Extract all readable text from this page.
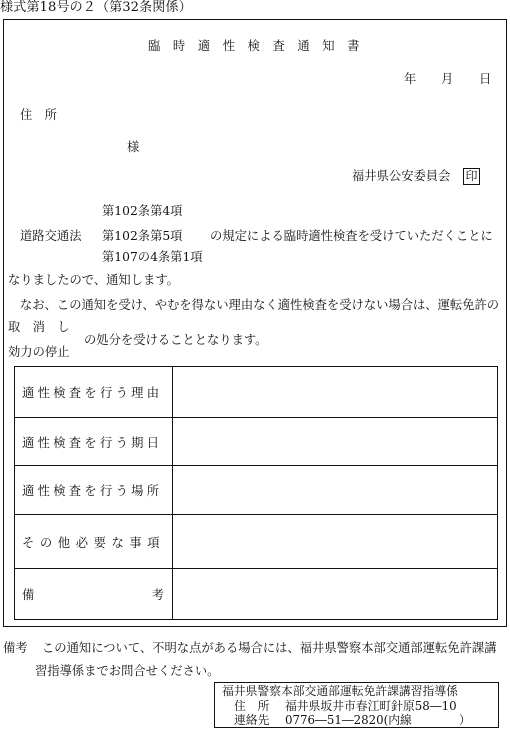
様式第18号の２（第32条関係）
臨時適性検査通知書
年 月 日
住　所
様
福井県公安委員会 印
第102条第4項
道路交通法 第102条第5項 の規定による臨時適性検査を受けていただくことに
第107の4条第1項
なりましたので、通知します。
なお、この通知を受け、やむを得ない理由なく適性検査を受けない場合は、運転免許の
取　消　し
の処分を受けることとなります。
効力の停止
適性検査を行う理由	
適性検査を行う期日	
適性検査を行う場所	
その他必要な事項	

備 考	

備考 この通知について、不明な点がある場合には、福井県警察本部交通部運転免許課講
習指導係までお問合せください。
福井県警察本部交通部運転免許課講習指導係
住　所 福井県坂井市春江町針原58―10
連絡先 0776―51―2820(内線　　　　）
